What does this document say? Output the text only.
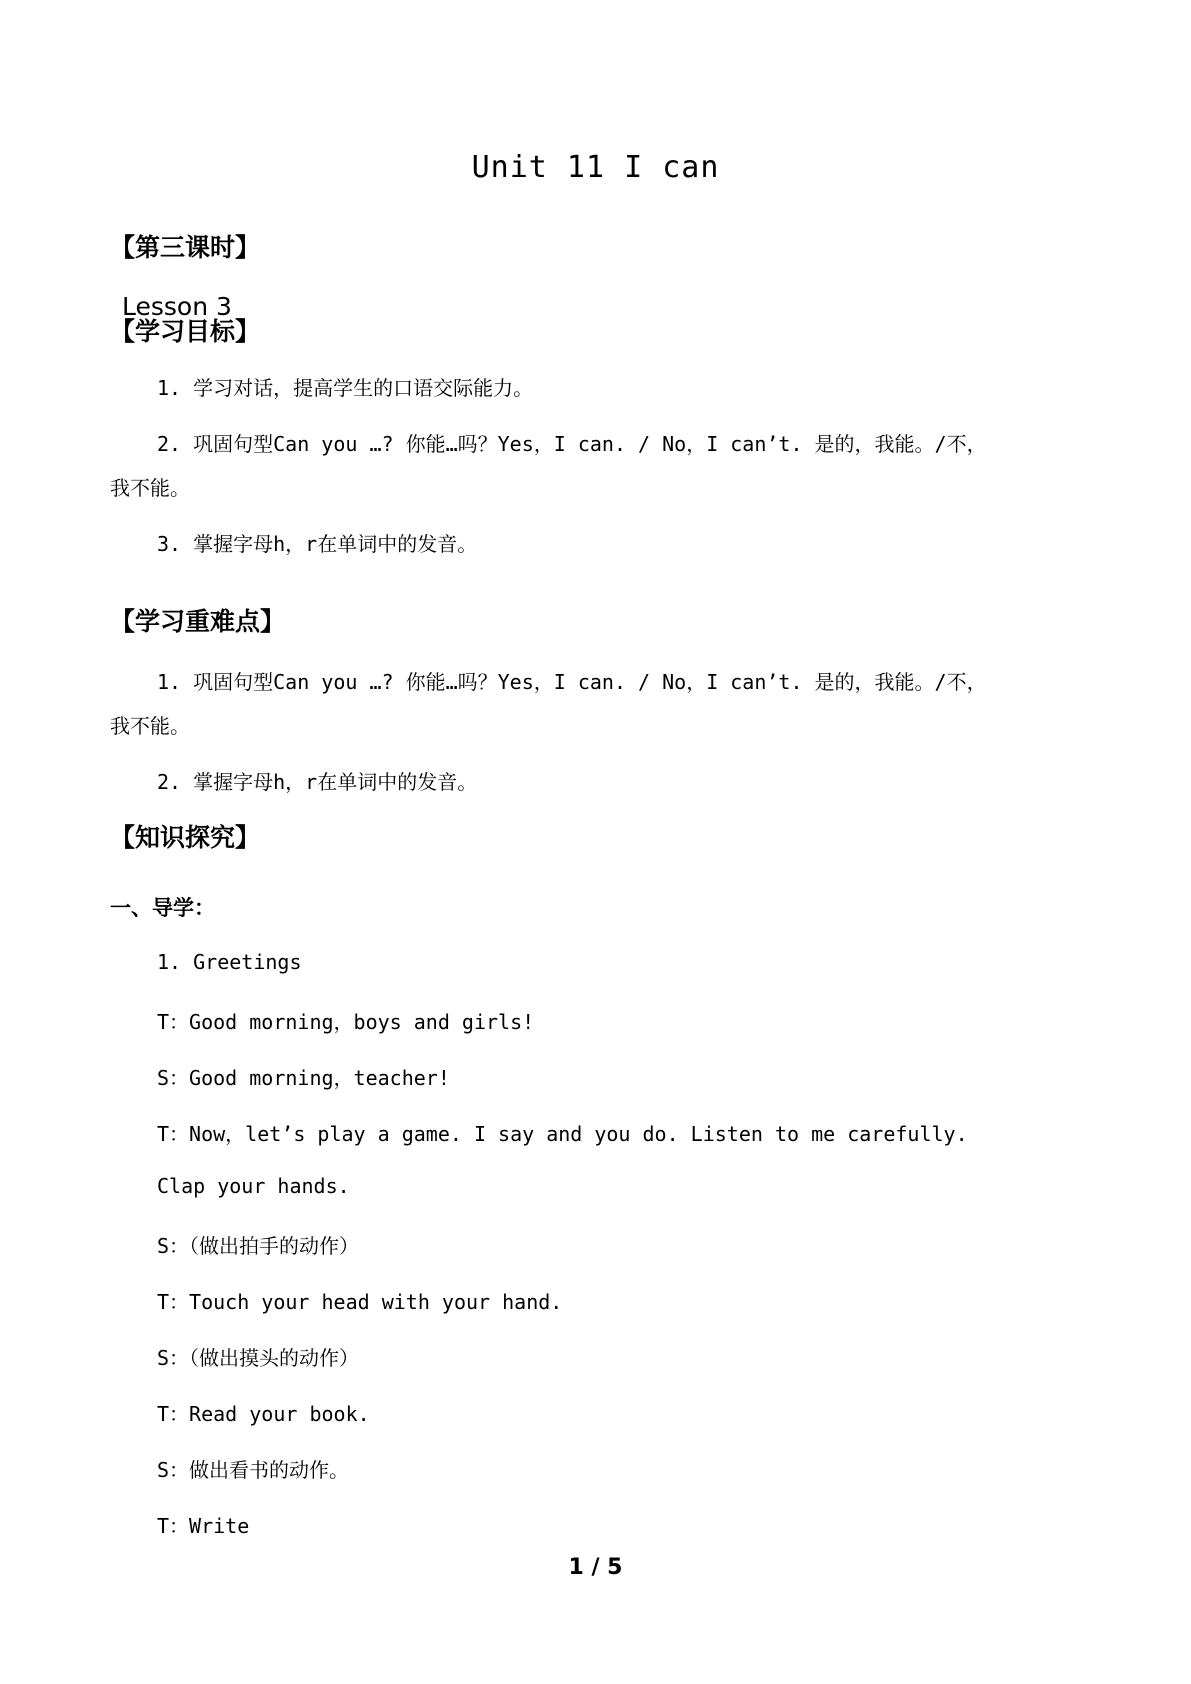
Unit 11 I can
【第三课时】
Lesson 3
【学习目标】
1. 学习对话，提高学生的口语交际能力。
2. 巩固句型Can you …? 你能…吗？Yes，I can. / No，I can’t. 是的，我能。/不，
我不能。
3. 掌握字母h，r在单词中的发音。
【学习重难点】
1. 巩固句型Can you …? 你能…吗？Yes，I can. / No，I can’t. 是的，我能。/不，
我不能。
2. 掌握字母h，r在单词中的发音。
【知识探究】
一、导学：
1. Greetings
T：Good morning，boys and girls!
S：Good morning，teacher!
T：Now，let’s play a game. I say and you do. Listen to me carefully.
Clap your hands.
S：（做出拍手的动作）
T：Touch your head with your hand.
S：（做出摸头的动作）
T：Read your book.
S：做出看书的动作。
T：Write
1 / 5
